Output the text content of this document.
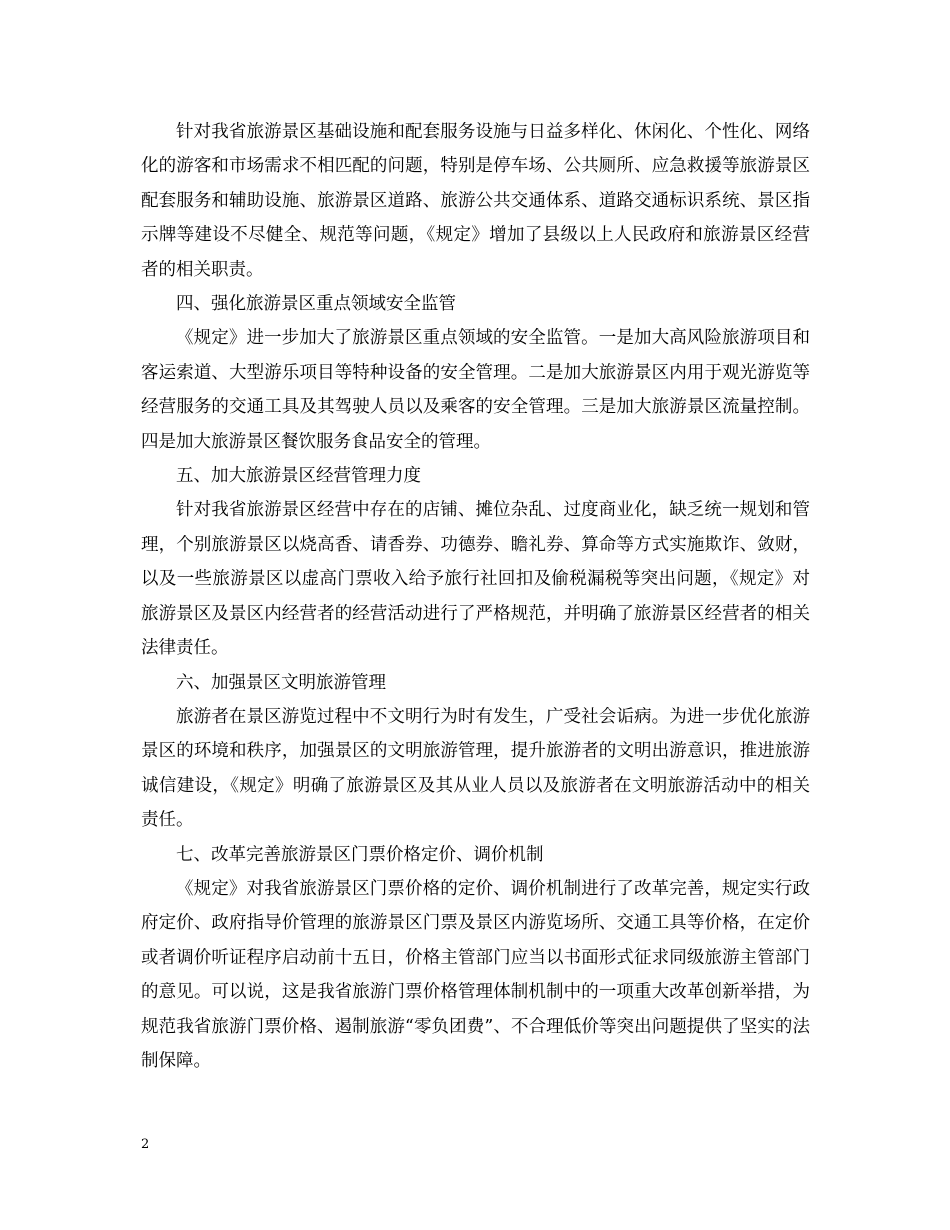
针对我省旅游景区基础设施和配套服务设施与日益多样化、休闲化、个性化、网络化的游客和市场需求不相匹配的问题，特别是停车场、公共厕所、应急救援等旅游景区配套服务和辅助设施、旅游景区道路、旅游公共交通体系、道路交通标识系统、景区指示牌等建设不尽健全、规范等问题，《规定》增加了县级以上人民政府和旅游景区经营者的相关职责。

四、强化旅游景区重点领域安全监管

《规定》进一步加大了旅游景区重点领域的安全监管。一是加大高风险旅游项目和客运索道、大型游乐项目等特种设备的安全管理。二是加大旅游景区内用于观光游览等经营服务的交通工具及其驾驶人员以及乘客的安全管理。三是加大旅游景区流量控制。四是加大旅游景区餐饮服务食品安全的管理。

五、加大旅游景区经营管理力度

针对我省旅游景区经营中存在的店铺、摊位杂乱、过度商业化，缺乏统一规划和管理，个别旅游景区以烧高香、请香券、功德券、瞻礼券、算命等方式实施欺诈、敛财，以及一些旅游景区以虚高门票收入给予旅行社回扣及偷税漏税等突出问题，《规定》对旅游景区及景区内经营者的经营活动进行了严格规范，并明确了旅游景区经营者的相关法律责任。

六、加强景区文明旅游管理

旅游者在景区游览过程中不文明行为时有发生，广受社会诟病。为进一步优化旅游景区的环境和秩序，加强景区的文明旅游管理，提升旅游者的文明出游意识，推进旅游诚信建设，《规定》明确了旅游景区及其从业人员以及旅游者在文明旅游活动中的相关责任。

七、改革完善旅游景区门票价格定价、调价机制

《规定》对我省旅游景区门票价格的定价、调价机制进行了改革完善，规定实行政府定价、政府指导价管理的旅游景区门票及景区内游览场所、交通工具等价格，在定价或者调价听证程序启动前十五日，价格主管部门应当以书面形式征求同级旅游主管部门的意见。可以说，这是我省旅游门票价格管理体制机制中的一项重大改革创新举措，为规范我省旅游门票价格、遏制旅游“零负团费”、不合理低价等突出问题提供了坚实的法制保障。

2
